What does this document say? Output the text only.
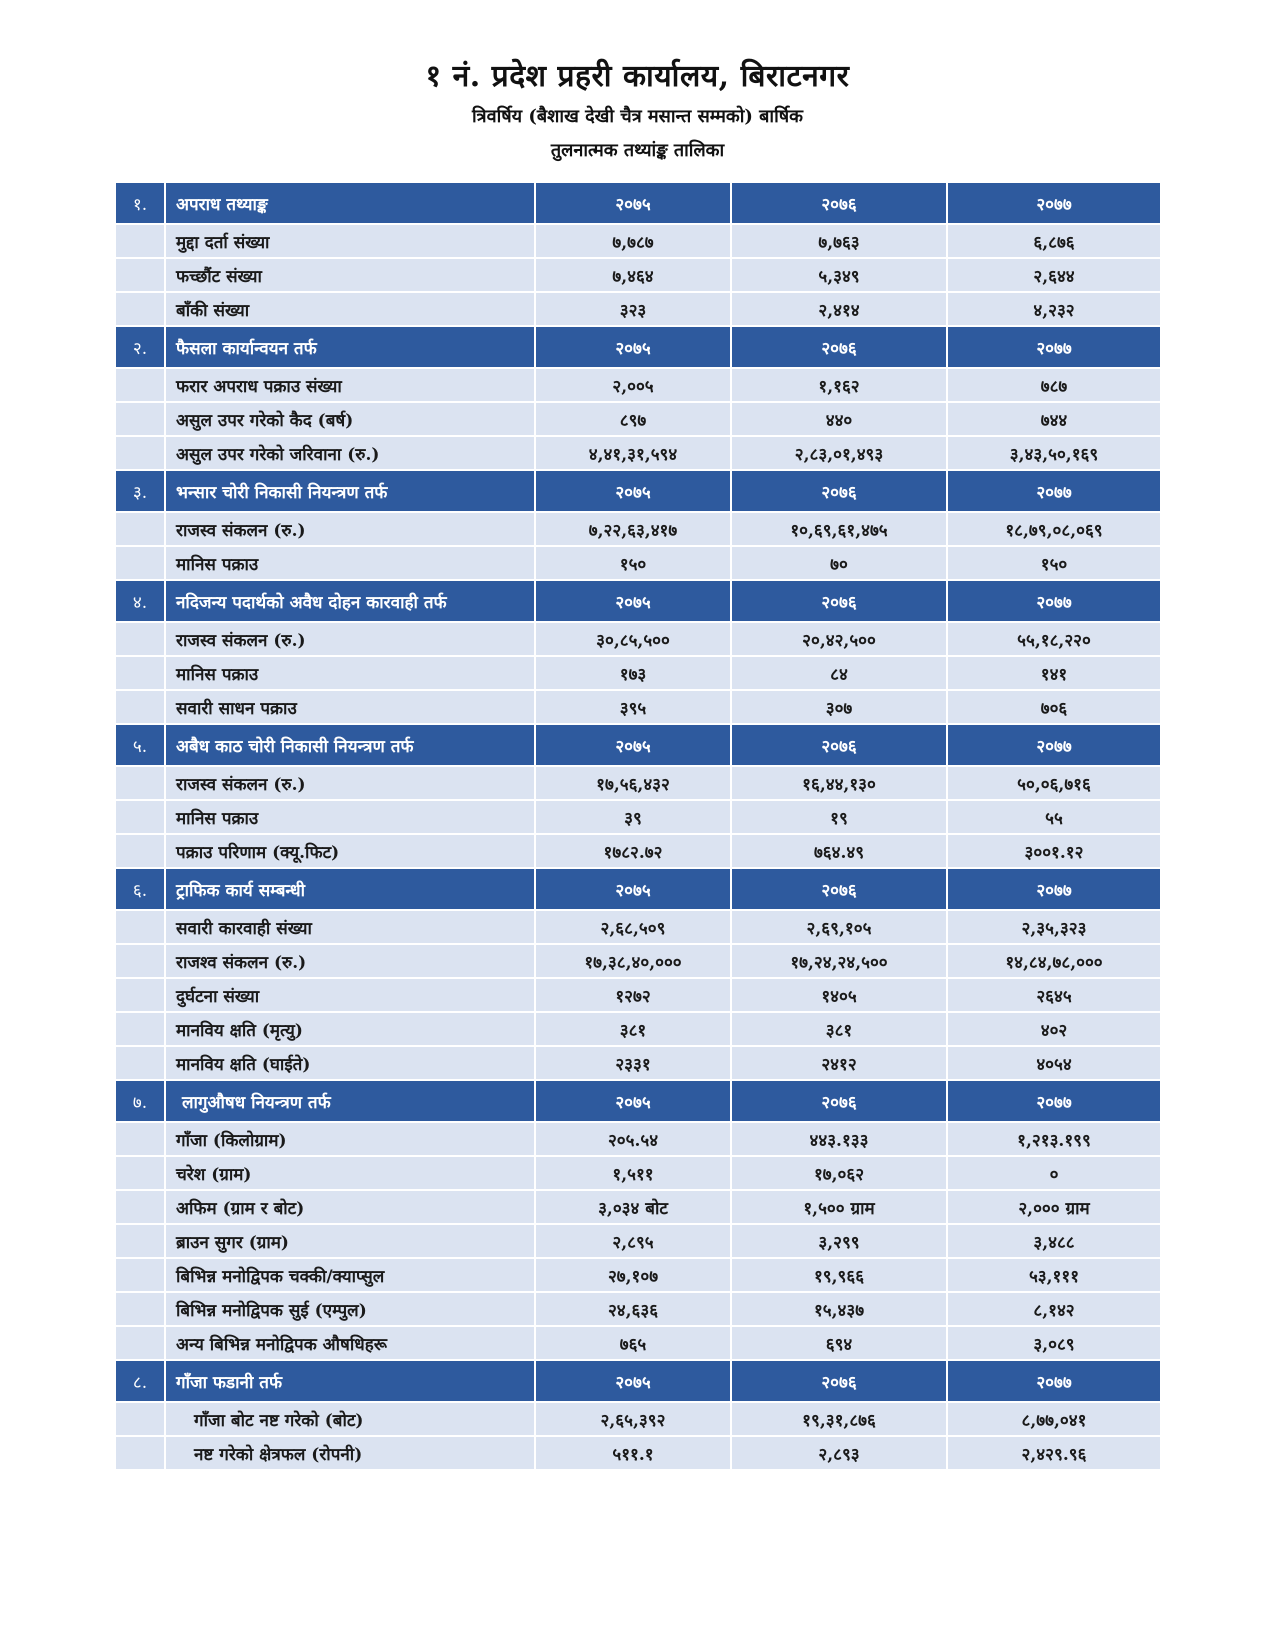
१ नं. प्रदेश प्रहरी कार्यालय, बिराटनगर
त्रिवर्षिय (बैशाख देखी चैत्र मसान्त सम्मको) बार्षिक
तुलनात्मक तथ्यांङ्क तालिका
१.	अपराध तथ्याङ्क	२०७५	२०७६	२०७७
	मुद्दा दर्ता संख्या	७,७८७	७,७६३	६,८७६
	फच्छौंट संख्या	७,४६४	५,३४९	२,६४४
	बाँकी संख्या	३२३	२,४१४	४,२३२
२.	फैसला कार्यान्वयन तर्फ	२०७५	२०७६	२०७७
	फरार अपराध पक्राउ संख्या	२,००५	१,१६२	७८७
	असुल उपर गरेको कैद (बर्ष)	८९७	४४०	७४४
	असुल उपर गरेको जरिवाना (रु.)	४,४१,३१,५९४	२,८३,०१,४९३	३,४३,५०,१६९
३.	भन्सार चोरी निकासी नियन्त्रण तर्फ	२०७५	२०७६	२०७७
	राजस्व संकलन (रु.)	७,२२,६३,४१७	१०,६९,६१,४७५	१८,७९,०८,०६९
	मानिस पक्राउ	१५०	७०	१५०
४.	नदिजन्य पदार्थको अवैध दोहन कारवाही तर्फ	२०७५	२०७६	२०७७
	राजस्व संकलन (रु.)	३०,८५,५००	२०,४२,५००	५५,१८,२२०
	मानिस पक्राउ	१७३	८४	१४१
	सवारी साधन पक्राउ	३९५	३०७	७०६
५.	अबैध काठ चोरी निकासी नियन्त्रण तर्फ	२०७५	२०७६	२०७७
	राजस्व संकलन (रु.)	१७,५६,४३२	१६,४४,१३०	५०,०६,७१६
	मानिस पक्राउ	३९	१९	५५
	पक्राउ परिणाम (क्यू.फिट)	१७८२.७२	७६४.४९	३००१.१२
६.	ट्राफिक कार्य सम्बन्धी	२०७५	२०७६	२०७७
	सवारी कारवाही संख्या	२,६८,५०९	२,६९,१०५	२,३५,३२३
	राजश्व संकलन (रु.)	१७,३८,४०,०००	१७,२४,२४,५००	१४,८४,७८,०००
	दुर्घटना संख्या	१२७२	१४०५	२६४५
	मानविय क्षति (मृत्यु)	३८१	३८१	४०२
	मानविय क्षति (घाईते)	२३३१	२४१२	४०५४
७.	लागुऔषध नियन्त्रण तर्फ	२०७५	२०७६	२०७७
	गाँजा (किलोग्राम)	२०५.५४	४४३.१३३	१,२१३.१९९
	चरेश (ग्राम)	१,५११	१७,०६२	०
	अफिम (ग्राम र बोट)	३,०३४ बोट	१,५०० ग्राम	२,००० ग्राम
	ब्राउन सुगर (ग्राम)	२,८९५	३,२९९	३,४८८
	बिभिन्न मनोद्विपक चक्की/क्याप्सुल	२७,१०७	१९,९६६	५३,१११
	बिभिन्न मनोद्विपक सुई (एम्पुल)	२४,६३६	१५,४३७	८,१४२
	अन्य बिभिन्न मनोद्विपक औषधिहरू	७६५	६९४	३,०८९
८.	गाँजा फडानी तर्फ	२०७५	२०७६	२०७७
	गाँजा बोट नष्ट गरेको (बोट)	२,६५,३९२	१९,३१,८७६	८,७७,०४१
	नष्ट गरेको क्षेत्रफल (रोपनी)	५११.१	२,८९३	२,४२९.९६
